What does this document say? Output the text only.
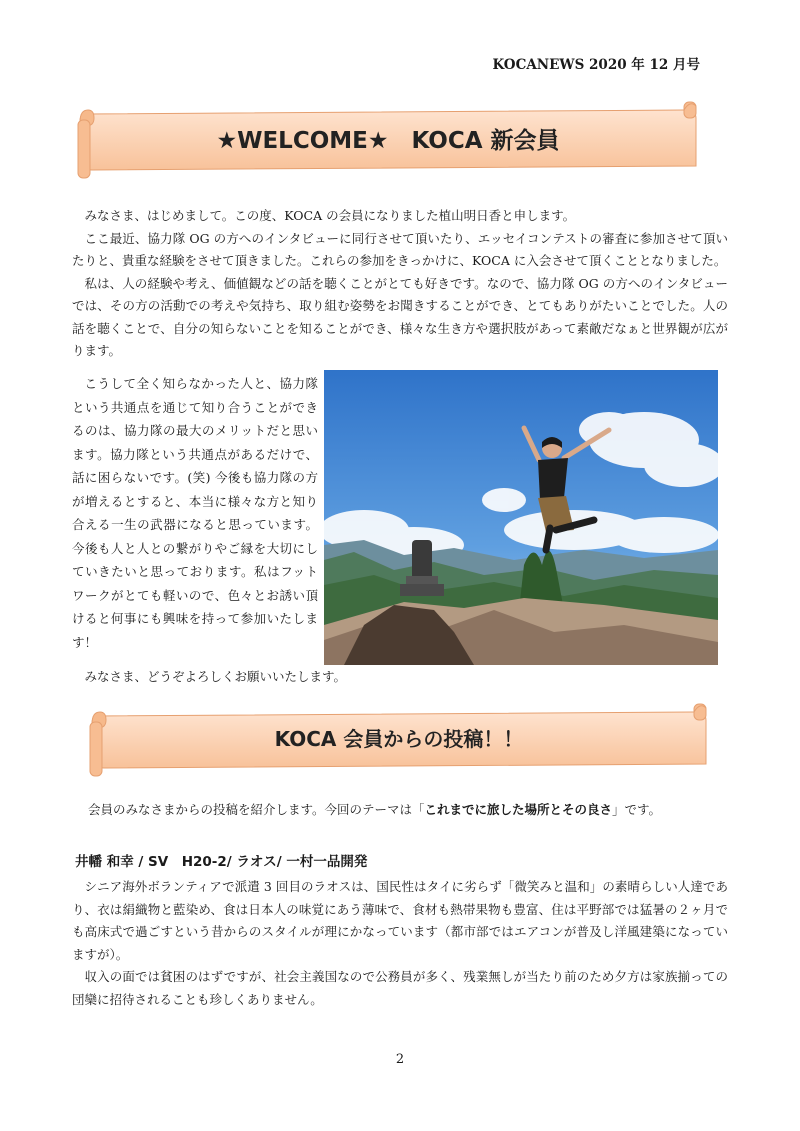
KOCANEWS 2020 年 12 月号
★WELCOME★　KOCA 新会員

みなさま、はじめまして。この度、KOCA の会員になりました植山明日香と申します。

ここ最近、協力隊 OG の方へのインタビューに同行させて頂いたり、エッセイコンテストの審査に参加させて頂いたりと、貴重な経験をさせて頂きました。これらの参加をきっかけに、KOCA に入会させて頂くこととなりました。

私は、人の経験や考え、価値観などの話を聴くことがとても好きです。なので、協力隊 OG の方へのインタビューでは、その方の活動での考えや気持ち、取り組む姿勢をお聞きすることができ、とてもありがたいことでした。人の話を聴くことで、自分の知らないことを知ることができ、様々な生き方や選択肢があって素敵だなぁと世界観が広がります。

こうして全く知らなかった人と、協力隊という共通点を通じて知り合うことができるのは、協力隊の最大のメリットだと思います。協力隊という共通点があるだけで、話に困らないです。(笑) 今後も協力隊の方が増えるとすると、本当に様々な方と知り合える一生の武器になると思っています。今後も人と人との繋がりやご縁を大切にしていきたいと思っております。私はフットワークがとても軽いので、色々とお誘い頂けると何事にも興味を持って参加いたします！

みなさま、どうぞよろしくお願いいたします。

KOCA 会員からの投稿！！
会員のみなさまからの投稿を紹介します。今回のテーマは「これまでに旅した場所とその良さ」です。
井幡 和幸 / SV　H20-2/ ラオス/ 一村一品開発

シニア海外ボランティアで派遣 3 回目のラオスは、国民性はタイに劣らず「微笑みと温和」の素晴らしい人達であり、衣は絹織物と藍染め、食は日本人の味覚にあう薄味で、食材も熱帯果物も豊富、住は平野部では猛暑の２ヶ月でも高床式で過ごすという昔からのスタイルが理にかなっています（都市部ではエアコンが普及し洋風建築になっていますが）。

収入の面では貧困のはずですが、社会主義国なので公務員が多く、残業無しが当たり前のため夕方は家族揃っての団欒に招待されることも珍しくありません。

2
